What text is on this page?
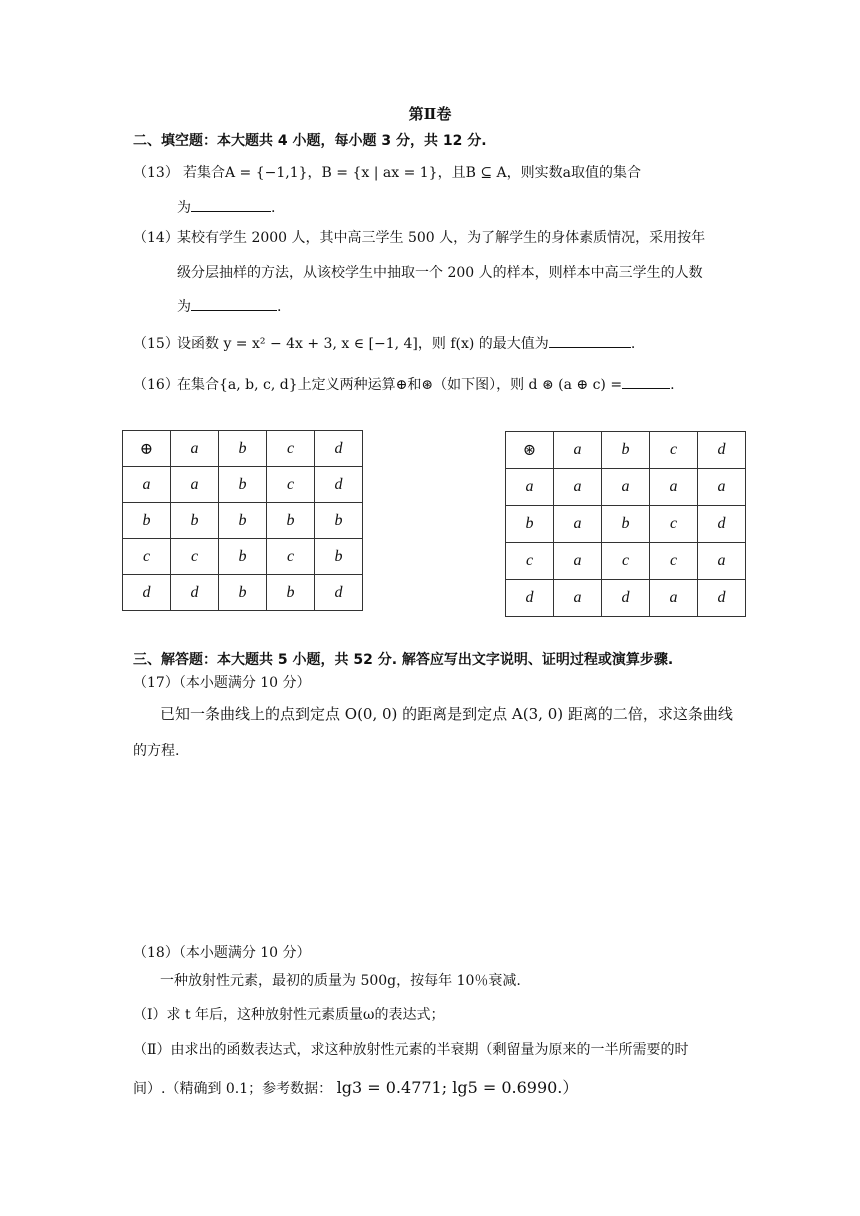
第Ⅱ卷
二、填空题：本大题共 4 小题，每小题 3 分，共 12 分.
（13） 若集合A = {−1,1}，B = {x | ax = 1}，且B ⊆ A，则实数a取值的集合
为	.
（14）
某校有学生 2000 人，其中高三学生 500 人，为了解学生的身体素质情况，采用按年
级分层抽样的方法，从该校学生中抽取一个 200 人的样本，则样本中高三学生的人数
为	.
（15）
设函数 y = x² − 4x + 3, x ∈ [−1, 4]，则 f(x) 的最大值为	.
（16）
在集合{a, b, c, d}上定义两种运算⊕和⊛（如下图），则 d ⊛ (a ⊕ c) =	.
⊕	a	b	c	d
a	a	b	c	d
b	b	b	b	b
c	c	b	c	b
d	d	b	b	d
⊛	a	b	c	d
a	a	a	a	a
b	a	b	c	d
c	a	c	c	a
d	a	d	a	d
三、解答题：本大题共 5 小题，共 52 分. 解答应写出文字说明、证明过程或演算步骤.
（17）（本小题满分 10 分）
已知一条曲线上的点到定点 O(0, 0) 的距离是到定点 A(3, 0) 距离的二倍，求这条曲线
的方程.
（18）（本小题满分 10 分）
一种放射性元素，最初的质量为 500g，按每年 10％衰减.
（Ⅰ）求 t 年后，这种放射性元素质量ω的表达式；
（Ⅱ）由求出的函数表达式，求这种放射性元素的半衰期（剩留量为原来的一半所需要的时
间）.（精确到 0.1；参考数据： lg3 = 0.4771; lg5 = 0.6990.）
